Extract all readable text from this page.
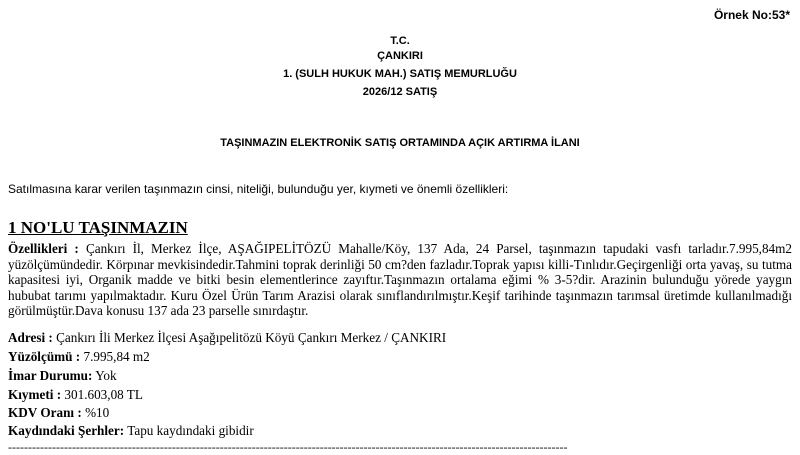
Örnek No:53*
T.C.
ÇANKIRI
1. (SULH HUKUK MAH.) SATIŞ MEMURLUĞU
2026/12 SATIŞ
TAŞINMAZIN ELEKTRONİK SATIŞ ORTAMINDA AÇIK ARTIRMA İLANI
Satılmasına karar verilen taşınmazın cinsi, niteliği, bulunduğu yer, kıymeti ve önemli özellikleri:
1 NO'LU TAŞINMAZIN
Özellikleri : Çankırı İl, Merkez İlçe, AŞAĞIPELİTÖZÜ Mahalle/Köy, 137 Ada, 24 Parsel, taşınmazın tapudaki vasfı tarladır.7.995,84m2 yüzölçümündedir. Körpınar mevkisindedir.Tahmini toprak derinliği 50 cm?den fazladır.Toprak yapısı killi-Tınlıdır.Geçirgenliği orta yavaş, su tutma kapasitesi iyi, Organik madde ve bitki besin elementlerince zayıftır.Taşınmazın ortalama eğimi % 3-5?dir. Arazinin bulunduğu yörede yaygın hububat tarımı yapılmaktadır. Kuru Özel Ürün Tarım Arazisi olarak sınıflandırılmıştır.Keşif tarihinde taşınmazın tarımsal üretimde kullanılmadığı görülmüştür.Dava konusu 137 ada 23 parselle sınırdaştır.
Adresi : Çankırı İli Merkez İlçesi Aşağıpelitözü Köyü Çankırı Merkez / ÇANKIRI
Yüzölçümü : 7.995,84 m2
İmar Durumu: Yok
Kıymeti : 301.603,08 TL
KDV Oranı : %10
Kaydındaki Şerhler: Tapu kaydındaki gibidir
--------------------------------------------------------------------------------------------------------------------------------------------
